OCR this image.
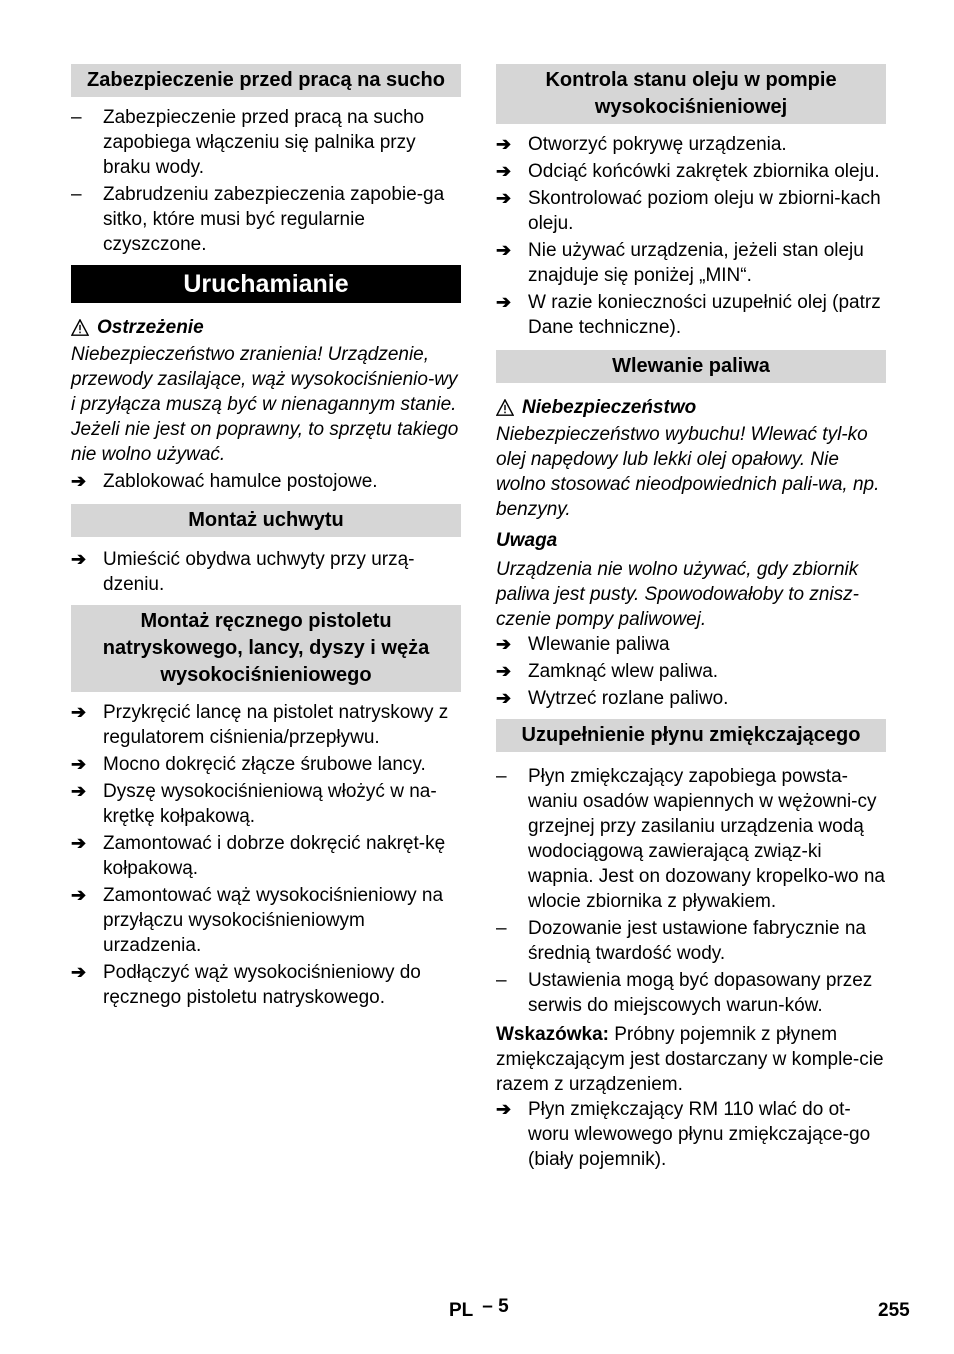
Zabezpieczenie przed pracą na sucho
–	Zabezpieczenie przed pracą na sucho zapobiega włączeniu się palnika przy braku wody.
–	Zabrudzeniu zabezpieczenia zapobie-ga sitko, które musi być regularnie czyszczone.
Uruchamianie
Ostrzeżenie
Niebezpieczeństwo zranienia! Urządzenie, przewody zasilające, wąż wysokociśnienio-wy i przyłącza muszą być w nienagannym stanie. Jeżeli nie jest on poprawny, to sprzętu takiego nie wolno używać.
➔ Zablokować hamulce postojowe.
Montaż uchwytu
➔ Umieścić obydwa uchwyty przy urzą-dzeniu.
Montaż ręcznego pistoletu natryskowego, lancy, dyszy i węża wysokociśnieniowego
➔ Przykręcić lancę na pistolet natryskowy z regulatorem ciśnienia/przepływu.
➔ Mocno dokręcić złącze śrubowe lancy.
➔ Dyszę wysokociśnieniową włożyć w na-krętkę kołpakową.
➔ Zamontować i dobrze dokręcić nakręt-kę kołpakową.
➔ Zamontować wąż wysokociśnieniowy na przyłączu wysokociśnieniowym urzadzenia.
➔ Podłączyć wąż wysokociśnieniowy do ręcznego pistoletu natryskowego.
Kontrola stanu oleju w pompie wysokociśnieniowej
➔ Otworzyć pokrywę urządzenia.
➔ Odciąć końcówki zakrętek zbiornika oleju.
➔ Skontrolować poziom oleju w zbiorni-kach oleju.
➔ Nie używać urządzenia, jeżeli stan oleju znajduje się poniżej „MIN“.
➔ W razie konieczności uzupełnić olej (patrz Dane techniczne).
Wlewanie paliwa
Niebezpieczeństwo
Niebezpieczeństwo wybuchu! Wlewać tyl-ko olej napędowy lub lekki olej opałowy. Nie wolno stosować nieodpowiednich pali-wa, np. benzyny.
Uwaga
Urządzenia nie wolno używać, gdy zbiornik paliwa jest pusty. Spowodowałoby to znisz-czenie pompy paliwowej.
➔ Wlewanie paliwa
➔ Zamknąć wlew paliwa.
➔ Wytrzeć rozlane paliwo.
Uzupełnienie płynu zmiękczającego
–	Płyn zmiękczający zapobiega powsta-waniu osadów wapiennych w wężowni-cy grzejnej przy zasilaniu urządzenia wodą wodociągową zawierającą związ-ki wapnia. Jest on dozowany kropelko-wo na wlocie zbiornika z pływakiem.
–	Dozowanie jest ustawione fabrycznie na średnią twardość wody.
–	Ustawienia mogą być dopasowany przez serwis do miejscowych warun-ków.
Wskazówka: Próbny pojemnik z płynem zmiękczającym jest dostarczany w komple-cie razem z urządzeniem.
➔ Płyn zmiękczający RM 110 wlać do ot-woru wlewowego płynu zmiękczające-go (biały pojemnik).
PL – 5	255
